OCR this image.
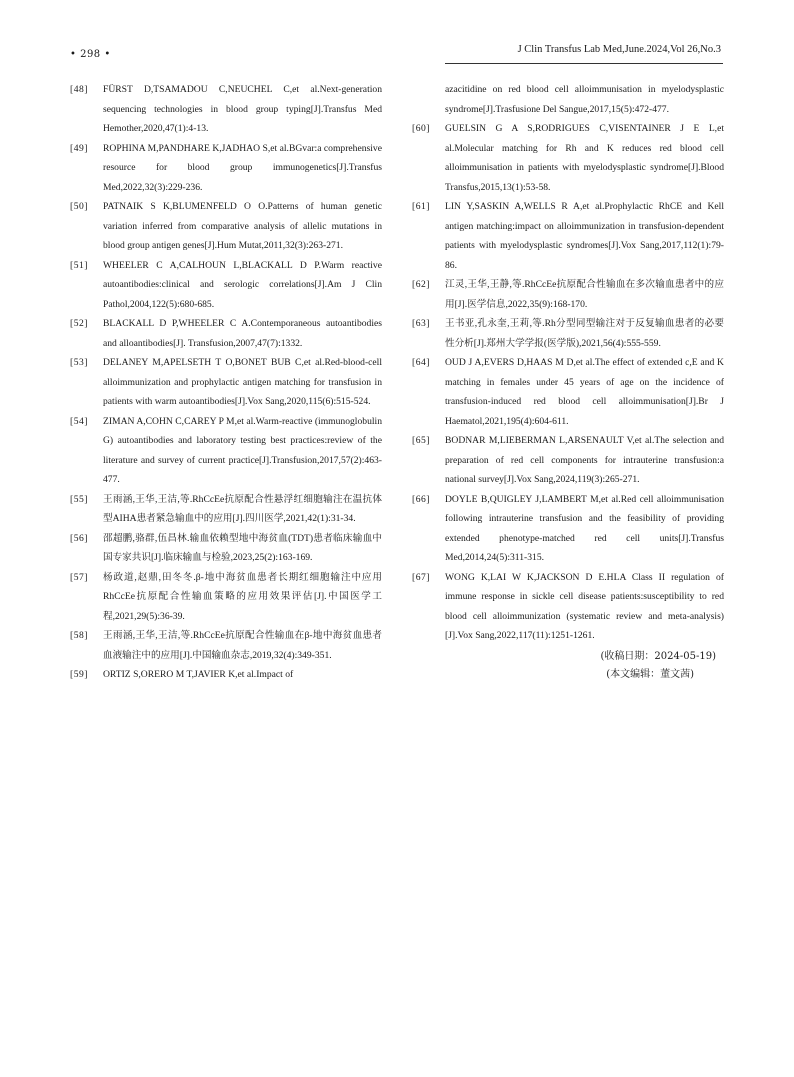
• 298 •	J Clin Transfus Lab Med,June.2024,Vol 26,No.3
[48] FÜRST D,TSAMADOU C,NEUCHEL C,et al.Next-generation sequencing technologies in blood group typing[J].Transfus Med Hemother,2020,47(1):4-13.
[49] ROPHINA M,PANDHARE K,JADHAO S,et al.BGvar:a comprehensive resource for blood group immunogenetics[J].Transfus Med,2022,32(3):229-236.
[50] PATNAIK S K,BLUMENFELD O O.Patterns of human genetic variation inferred from comparative analysis of allelic mutations in blood group antigen genes[J].Hum Mutat,2011,32(3):263-271.
[51] WHEELER C A,CALHOUN L,BLACKALL D P.Warm reactive autoantibodies:clinical and serologic correlations[J].Am J Clin Pathol,2004,122(5):680-685.
[52] BLACKALL D P,WHEELER C A.Contemporaneous autoantibodies and alloantibodies[J]. Transfusion,2007,47(7):1332.
[53] DELANEY M,APELSETH T O,BONET BUB C,et al.Red-blood-cell alloimmunization and prophylactic antigen matching for transfusion in patients with warm autoantibodies[J].Vox Sang,2020,115(6):515-524.
[54] ZIMAN A,COHN C,CAREY P M,et al.Warm-reactive (immunoglobulin G) autoantibodies and laboratory testing best practices:review of the literature and survey of current practice[J].Transfusion,2017,57(2):463-477.
[55] 王雨涵,王华,王洁,等.RhCcEe抗原配合性悬浮红细胞输注在温抗体型AIHA患者紧急输血中的应用[J].四川医学,2021,42(1):31-34.
[56] 邵超鹏,骆群,伍昌林.输血依赖型地中海贫血(TDT)患者临床输血中国专家共识[J].临床输血与检验,2023,25(2):163-169.
[57] 杨政道,赵鼎,田冬冬.β-地中海贫血患者长期红细胞输注中应用RhCcEe抗原配合性输血策略的应用效果评估[J].中国医学工程,2021,29(5):36-39.
[58] 王雨涵,王华,王洁,等.RhCcEe抗原配合性输血在β-地中海贫血患者血液输注中的应用[J].中国输血杂志,2019,32(4):349-351.
[59] ORTIZ S,ORERO M T,JAVIER K,et al.Impact of
azacitidine on red blood cell alloimmunisation in myelodysplastic syndrome[J].Trasfusione Del Sangue,2017,15(5):472-477.
[60] GUELSIN G A S,RODRIGUES C,VISENTAINER J E L,et al.Molecular matching for Rh and K reduces red blood cell alloimmunisation in patients with myelodysplastic syndrome[J].Blood Transfus,2015,13(1):53-58.
[61] LIN Y,SASKIN A,WELLS R A,et al.Prophylactic RhCE and Kell antigen matching:impact on alloimmunization in transfusion-dependent patients with myelodysplastic syndromes[J].Vox Sang,2017,112(1):79-86.
[62] 江灵,王华,王静,等.RhCcEe抗原配合性输血在多次输血患者中的应用[J].医学信息,2022,35(9):168-170.
[63] 王书亚,孔永奎,王莉,等.Rh分型同型输注对于反复输血患者的必要性分析[J].郑州大学学报(医学版),2021,56(4):555-559.
[64] OUD J A,EVERS D,HAAS M D,et al.The effect of extended c,E and K matching in females under 45 years of age on the incidence of transfusion-induced red blood cell alloimmunisation[J].Br J Haematol,2021,195(4):604-611.
[65] BODNAR M,LIEBERMAN L,ARSENAULT V,et al.The selection and preparation of red cell components for intrauterine transfusion:a national survey[J].Vox Sang,2024,119(3):265-271.
[66] DOYLE B,QUIGLEY J,LAMBERT M,et al.Red cell alloimmunisation following intrauterine transfusion and the feasibility of providing extended phenotype-matched red cell units[J].Transfus Med,2014,24(5):311-315.
[67] WONG K,LAI W K,JACKSON D E.HLA Class II regulation of immune response in sickle cell disease patients:susceptibility to red blood cell alloimmunization (systematic review and meta-analysis)[J].Vox Sang,2022,117(11):1251-1261.
(收稿日期：2024-05-19)
(本文编辑：董文茜)
